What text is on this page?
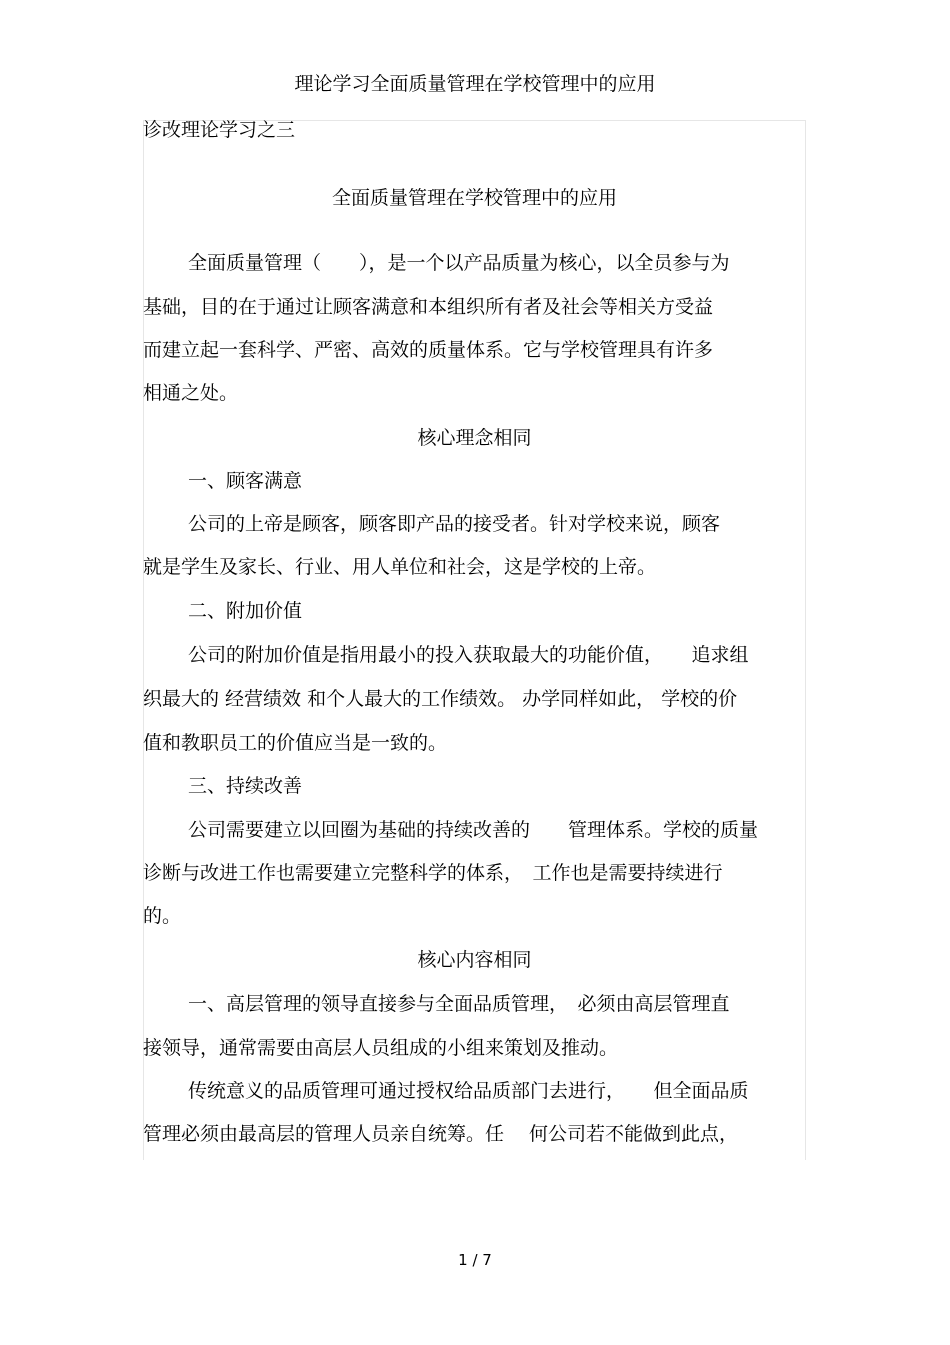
理论学习全面质量管理在学校管理中的应用
诊改理论学习之三
全面质量管理在学校管理中的应用
全面质量管理（　　），是一个以产品质量为核心，以全员参与为
基础，目的在于通过让顾客满意和本组织所有者及社会等相关方受益
而建立起一套科学、严密、高效的质量体系。它与学校管理具有许多
相通之处。
核心理念相同
一、顾客满意
公司的上帝是顾客，顾客即产品的接受者。针对学校来说，顾客
就是学生及家长、行业、用人单位和社会，这是学校的上帝。
二、附加价值
公司的附加价值是指用最小的投入获取最大的功能价值，　　追求组
织最大的 经营绩效 和个人最大的工作绩效。 办学同样如此， 学校的价
值和教职员工的价值应当是一致的。
三、持续改善
公司需要建立以回圈为基础的持续改善的　　管理体系。学校的质量
诊断与改进工作也需要建立完整科学的体系，　工作也是需要持续进行
的。
核心内容相同
一、高层管理的领导直接参与全面品质管理，　必须由高层管理直
接领导，通常需要由高层人员组成的小组来策划及推动。
传统意义的品质管理可通过授权给品质部门去进行，　　但全面品质
管理必须由最高层的管理人员亲自统筹。任　 何公司若不能做到此点，
1 / 7
